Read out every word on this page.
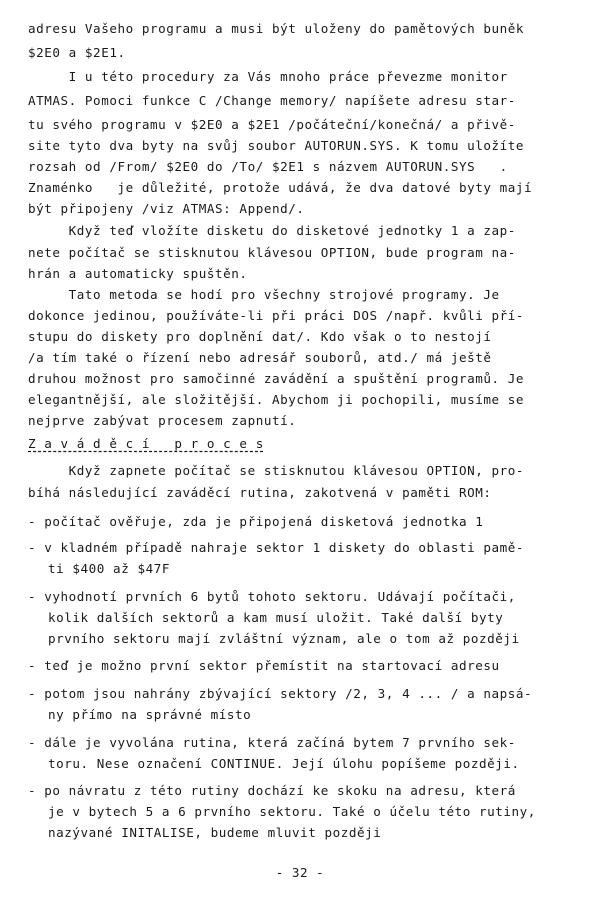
adresu Vašeho programu a musi být uloženy do pamětových buněk
$2E0 a $2E1.
I u této procedury za Vás mnoho práce převezme monitor
ATMAS. Pomoci funkce C /Change memory/ napíšete adresu star-
tu svého programu v $2E0 a $2E1 /počáteční/konečná/ a přivě-
site tyto dva byty na svůj soubor AUTORUN.SYS. K tomu uložíte
rozsah od /From/ $2E0 do /To/ $2E1 s názvem AUTORUN.SYS   .
Znaménko   je důležité, protože udává, že dva datové byty mají
být připojeny /viz ATMAS: Append/.
Když teď vložíte disketu do disketové jednotky 1 a zap-
nete počítač se stisknutou klávesou OPTION, bude program na-
hrán a automaticky spuštěn.
Tato metoda se hodí pro všechny strojové programy. Je
dokonce jedinou, používáte-li při práci DOS /např. kvůli pří-
stupu do diskety pro doplnění dat/. Kdo však o to nestojí
/a tím také o řízení nebo adresář souborů, atd./ má ještě
druhou možnost pro samočinné zavádění a spuštění programů. Je
Z a v á d ě c í   p r o c e s
Když zapnete počítač se stisknutou klávesou OPTION, pro-
bíhá následující zaváděcí rutina, zakotvená v paměti ROM:
- počítač ověřuje, zda je připojená disketová jednotka 1
- v kladném případě nahraje sektor 1 diskety do oblasti pamě-
ti $400 až $47F
- vyhodnotí prvních 6 bytů tohoto sektoru. Udávají počítači,
kolik dalších sektorů a kam musí uložit. Také další byty
prvního sektoru mají zvláštní význam, ale o tom až později
- teď je možno první sektor přemístit na startovací adresu
- potom jsou nahrány zbývající sektory /2, 3, 4 ... / a napsá-
ny přímo na správné místo
- dále je vyvolána rutina, která začíná bytem 7 prvního sek-
toru. Nese označení CONTINUE. Její úlohu popíšeme později.
- po návratu z této rutiny dochází ke skoku na adresu, která
je v bytech 5 a 6 prvního sektoru. Také o účelu této rutiny,
nazývané INITALISE, budeme mluvit později
- 32 -
elegantnější, ale složitější. Abychom ji pochopili, musíme se
nejprve zabývat procesem zapnutí.
